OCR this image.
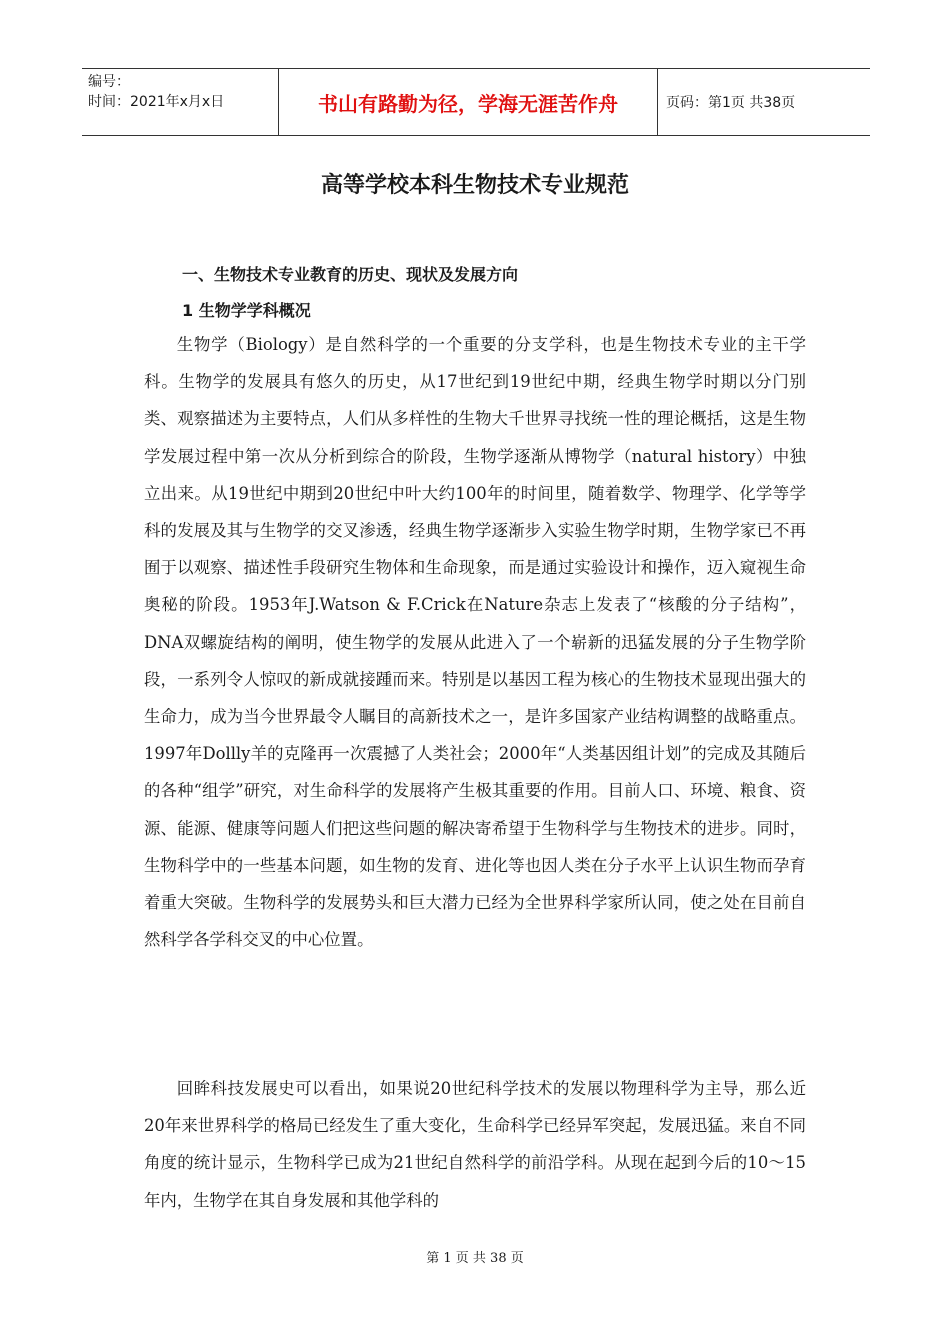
编号：
时间：2021年x月x日	书山有路勤为径，学海无涯苦作舟	页码：第1页 共38页
高等学校本科生物技术专业规范
一、生物技术专业教育的历史、现状及发展方向
1 生物学学科概况
生物学（Biology）是自然科学的一个重要的分支学科，也是生物技术专业的主干学科。生物学的发展具有悠久的历史，从17世纪到19世纪中期，经典生物学时期以分门别类、观察描述为主要特点，人们从多样性的生物大千世界寻找统一性的理论概括，这是生物学发展过程中第一次从分析到综合的阶段，生物学逐渐从博物学（natural history）中独立出来。从19世纪中期到20世纪中叶大约100年的时间里，随着数学、物理学、化学等学科的发展及其与生物学的交叉渗透，经典生物学逐渐步入实验生物学时期，生物学家已不再囿于以观察、描述性手段研究生物体和生命现象，而是通过实验设计和操作，迈入窥视生命奥秘的阶段。1953年J.Watson & F.Crick在Nature杂志上发表了“核酸的分子结构”，DNA双螺旋结构的阐明，使生物学的发展从此进入了一个崭新的迅猛发展的分子生物学阶段，一系列令人惊叹的新成就接踵而来。特别是以基因工程为核心的生物技术显现出强大的生命力，成为当今世界最令人瞩目的高新技术之一，是许多国家产业结构调整的战略重点。1997年Dollly羊的克隆再一次震撼了人类社会；2000年“人类基因组计划”的完成及其随后的各种“组学”研究，对生命科学的发展将产生极其重要的作用。目前人口、环境、粮食、资源、能源、健康等问题人们把这些问题的解决寄希望于生物科学与生物技术的进步。同时，生物科学中的一些基本问题，如生物的发育、进化等也因人类在分子水平上认识生物而孕育着重大突破。生物科学的发展势头和巨大潜力已经为全世界科学家所认同，使之处在目前自然科学各学科交叉的中心位置。
回眸科技发展史可以看出，如果说20世纪科学技术的发展以物理科学为主导，那么近20年来世界科学的格局已经发生了重大变化，生命科学已经异军突起，发展迅猛。来自不同角度的统计显示，生物科学已成为21世纪自然科学的前沿学科。从现在起到今后的10～15年内，生物学在其自身发展和其他学科的
第 1 页 共 38 页
